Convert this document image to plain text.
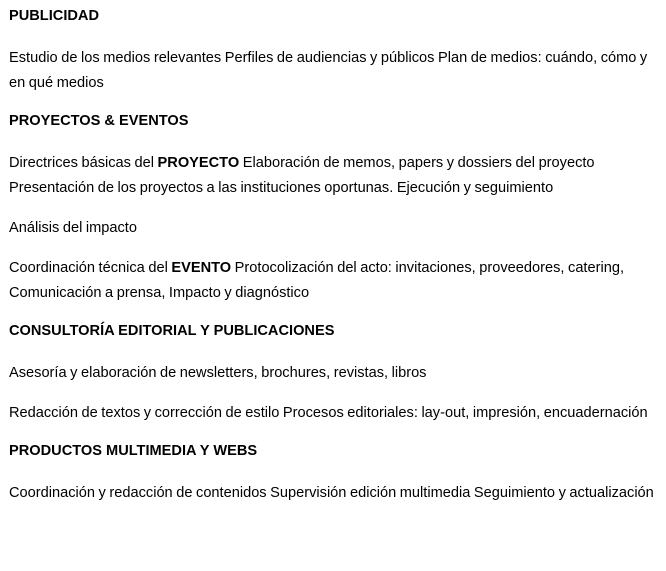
PUBLICIDAD
Estudio de los medios relevantes Perfiles de audiencias y públicos Plan de medios: cuándo, cómo y en qué medios
PROYECTOS & EVENTOS
Directrices básicas del PROYECTO Elaboración de memos, papers y dossiers del proyecto Presentación de los proyectos a las instituciones oportunas. Ejecución y seguimiento
Análisis del impacto
Coordinación técnica del EVENTO Protocolización del acto: invitaciones, proveedores, catering, Comunicación a prensa, Impacto y diagnóstico
CONSULTORÍA EDITORIAL Y PUBLICACIONES
Asesoría y elaboración de newsletters, brochures, revistas, libros
Redacción de textos y corrección de estilo Procesos editoriales: lay-out, impresión, encuadernación
PRODUCTOS MULTIMEDIA Y WEBS
Coordinación y redacción de contenidos Supervisión edición multimedia Seguimiento y actualización
